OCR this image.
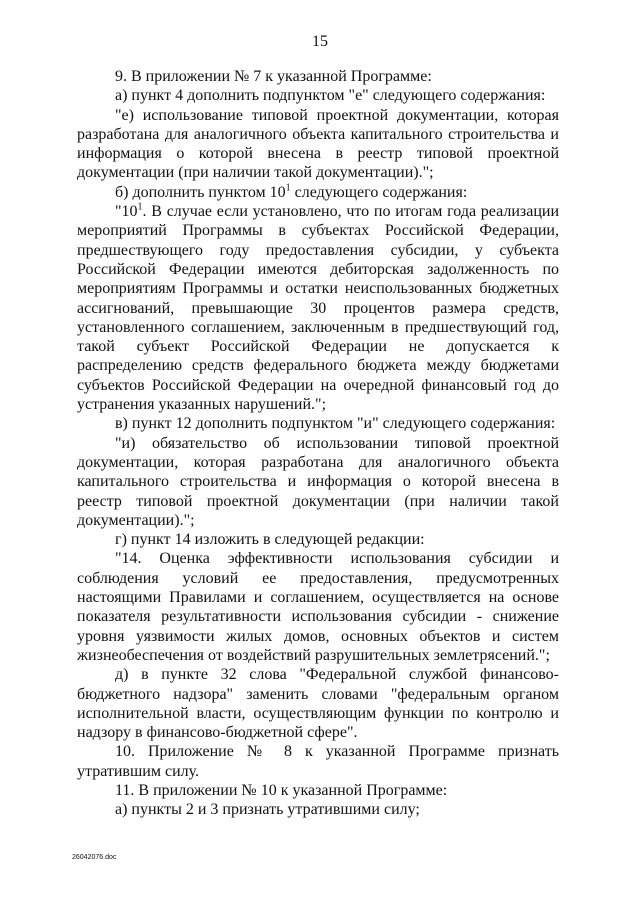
15

9. В приложении № 7 к указанной Программе:

а) пункт 4 дополнить подпунктом "е" следующего содержания:

"е) использование типовой проектной документации, которая разработана для аналогичного объекта капитального строительства и информация о которой внесена в реестр типовой проектной документации (при наличии такой документации).";

б) дополнить пунктом $10^1$ следующего содержания:

"$10^1$. В случае если установлено, что по итогам года реализации мероприятий Программы в субъектах Российской Федерации, предшествующего году предоставления субсидии, у субъекта Российской Федерации имеются дебиторская задолженность по мероприятиям Программы и остатки неиспользованных бюджетных ассигнований, превышающие 30 процентов размера средств, установленного соглашением, заключенным в предшествующий год, такой субъект Российской Федерации не допускается к распределению средств федерального бюджета между бюджетами субъектов Российской Федерации на очередной финансовый год до устранения указанных нарушений.";

в) пункт 12 дополнить подпунктом "и" следующего содержания:

"и) обязательство об использовании типовой проектной документации, которая разработана для аналогичного объекта капитального строительства и информация о которой внесена в реестр типовой проектной документации (при наличии такой документации).";

г) пункт 14 изложить в следующей редакции:

"14. Оценка эффективности использования субсидии и соблюдения условий ее предоставления, предусмотренных настоящими Правилами и соглашением, осуществляется на основе показателя результативности использования субсидии - снижение уровня уязвимости жилых домов, основных объектов и систем жизнеобеспечения от воздействий разрушительных землетрясений.";

д) в пункте 32 слова "Федеральной службой финансово-бюджетного надзора" заменить словами "федеральным органом исполнительной власти, осуществляющим функции по контролю и надзору в финансово-бюджетной сфере".

10. Приложение № 8 к указанной Программе признать утратившим силу.

11. В приложении № 10 к указанной Программе:

а) пункты 2 и 3 признать утратившими силу;

26042076.doc
